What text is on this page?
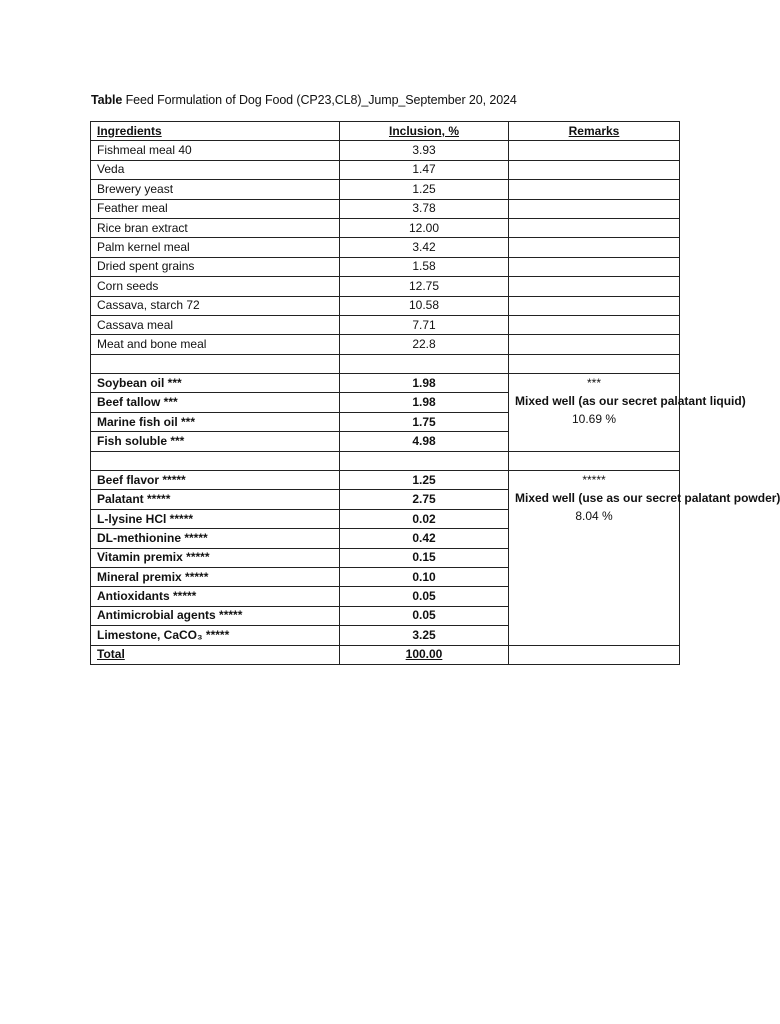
Table Feed Formulation of Dog Food (CP23,CL8)_Jump_September 20, 2024
Ingredients	Inclusion, %	Remarks
Fishmeal meal 40	3.93	
Veda	1.47	
Brewery yeast	1.25	
Feather meal	3.78	
Rice bran extract	12.00	
Palm kernel meal	3.42	
Dried spent grains	1.58	
Corn seeds	12.75	
Cassava, starch 72	10.58	
Cassava meal	7.71	
Meat and bone meal	22.8	

Soybean oil ***	1.98	***
Mixed well (as our secret palatant liquid)
10.69 %

Beef tallow ***	1.98	
Marine fish oil ***	1.75	
Fish soluble ***	4.98	

Beef flavor *****	1.25	*****
Mixed well (use as our secret palatant powder)
8.04 %

Palatant *****	2.75	
L-lysine HCl *****	0.02	
DL-methionine *****	0.42	
Vitamin premix *****	0.15	
Mineral premix *****	0.10	
Antioxidants *****	0.05	
Antimicrobial agents *****	0.05	
Limestone, CaCO₃ *****	3.25	
Total	100.00	
